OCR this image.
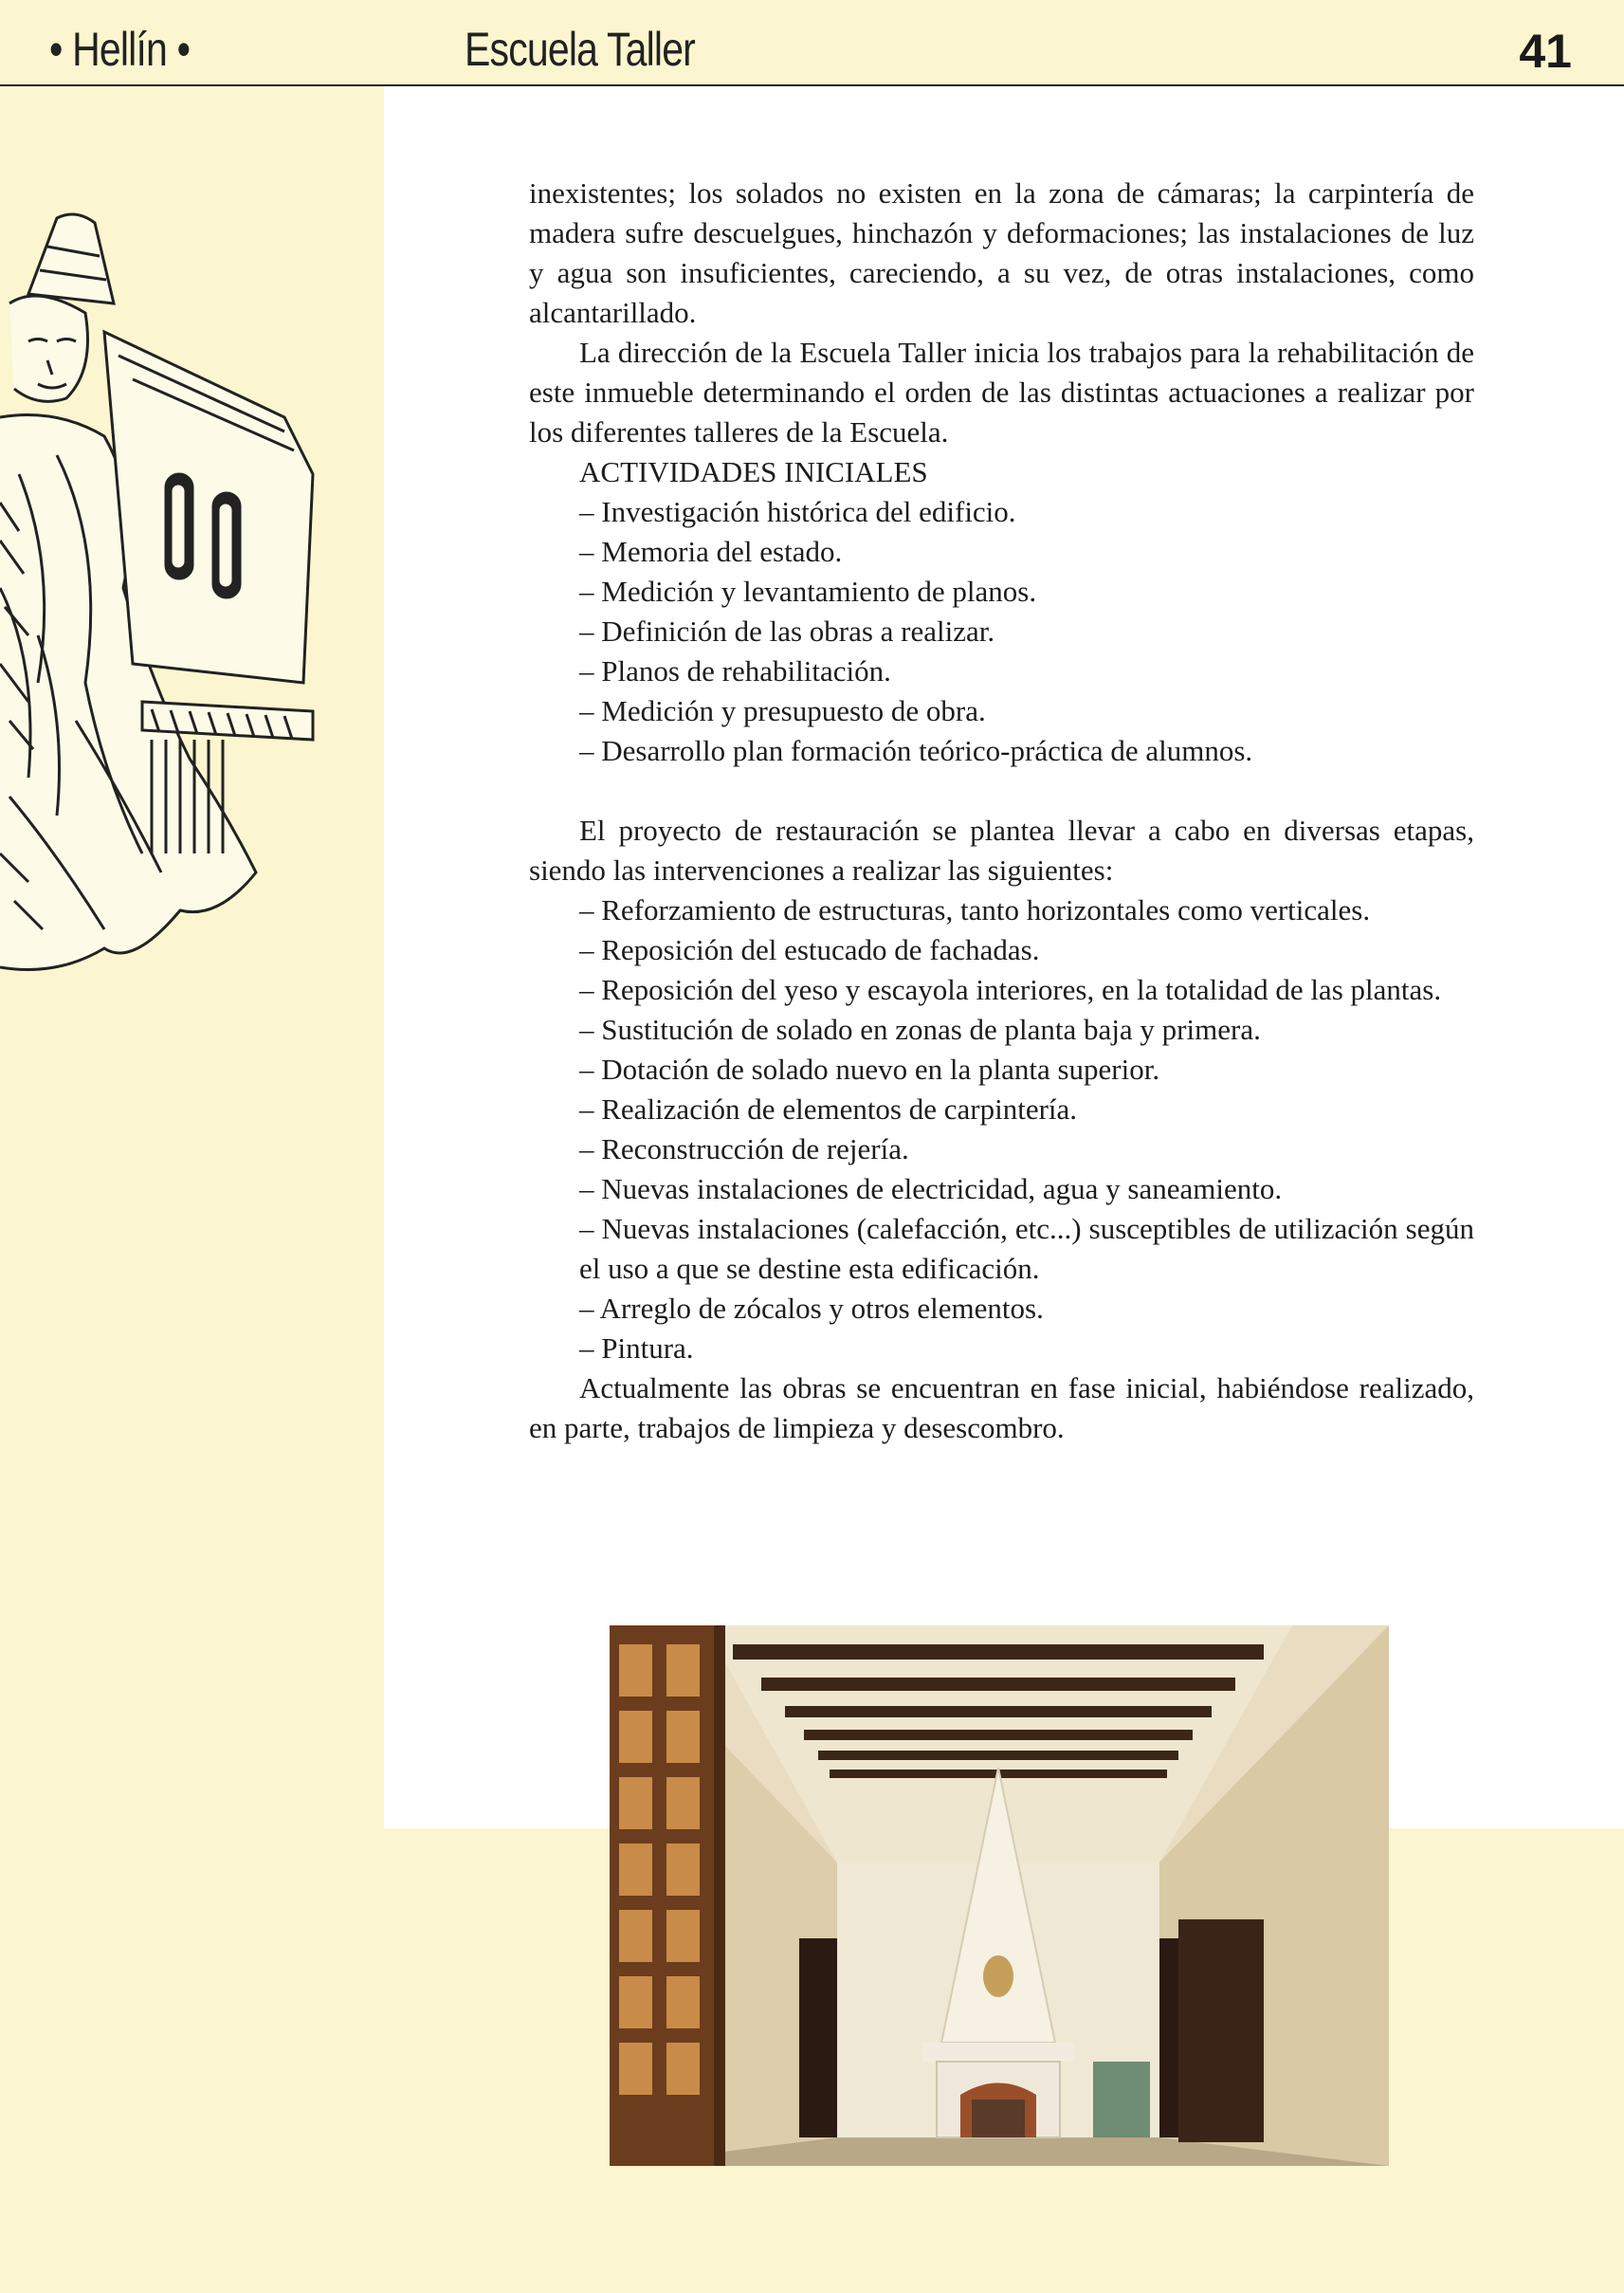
• Hellín •	Escuela Taller	41

inexistentes; los solados no existen en la zona de cámaras; la carpintería de madera sufre descuelgues, hinchazón y deformaciones; las instalaciones de luz y agua son insuficientes, careciendo, a su vez, de otras instalaciones, como alcantarillado.

La dirección de la Escuela Taller inicia los trabajos para la rehabilitación de este inmueble determinando el orden de las distintas actuaciones a realizar por los diferentes talleres de la Escuela.

ACTIVIDADES INICIALES

– Investigación histórica del edificio.
– Memoria del estado.
– Medición y levantamiento de planos.
– Definición de las obras a realizar.
– Planos de rehabilitación.
– Medición y presupuesto de obra.
– Desarrollo plan formación teórico-práctica de alumnos.

El proyecto de restauración se plantea llevar a cabo en diversas etapas, siendo las intervenciones a realizar las siguientes:

– Reforzamiento de estructuras, tanto horizontales como verticales.
– Reposición del estucado de fachadas.
– Reposición del yeso y escayola interiores, en la totalidad de las plantas.
– Sustitución de solado en zonas de planta baja y primera.
– Dotación de solado nuevo en la planta superior.
– Realización de elementos de carpintería.
– Reconstrucción de rejería.
– Nuevas instalaciones de electricidad, agua y saneamiento.
– Nuevas instalaciones (calefacción, etc...) susceptibles de utilización según el uso a que se destine esta edificación.
– Arreglo de zócalos y otros elementos.
– Pintura.

Actualmente las obras se encuentran en fase inicial, habiéndose realizado, en parte, trabajos de limpieza y desescombro.
